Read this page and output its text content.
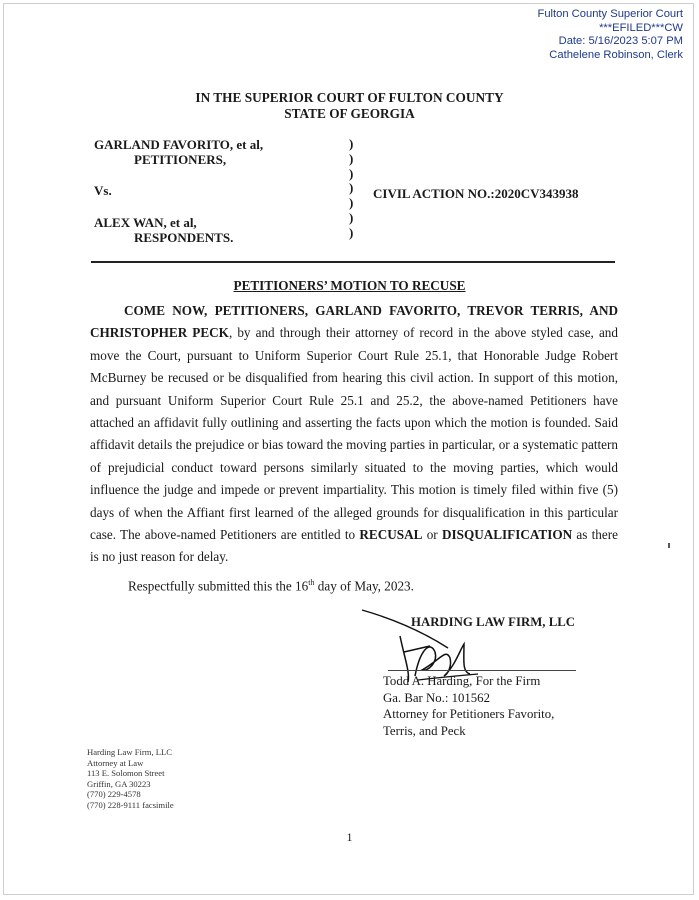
Fulton County Superior Court
***EFILED***CW
Date: 5/16/2023 5:07 PM
Cathelene Robinson, Clerk
IN THE SUPERIOR COURT OF FULTON COUNTY
STATE OF GEORGIA
GARLAND FAVORITO, et al,
PETITIONERS,
Vs.
ALEX WAN, et al,
RESPONDENTS.
)
)
)
)
)
)
)
CIVIL ACTION NO.:2020CV343938
PETITIONERS’ MOTION TO RECUSE

COME NOW, PETITIONERS, GARLAND FAVORITO, TREVOR TERRIS, AND CHRISTOPHER PECK, by and through their attorney of record in the above styled case, and move the Court, pursuant to Uniform Superior Court Rule 25.1, that Honorable Judge Robert McBurney be recused or be disqualified from hearing this civil action. In support of this motion, and pursuant Uniform Superior Court Rule 25.1 and 25.2, the above-named Petitioners have attached an affidavit fully outlining and asserting the facts upon which the motion is founded. Said affidavit details the prejudice or bias toward the moving parties in particular, or a systematic pattern of prejudicial conduct toward persons similarly situated to the moving parties, which would influence the judge and impede or prevent impartiality. This motion is timely filed within five (5) days of when the Affiant first learned of the alleged grounds for disqualification in this particular case. The above-named Petitioners are entitled to RECUSAL or DISQUALIFICATION as there is no just reason for delay.

Respectfully submitted this the 16th day of May, 2023.
HARDING LAW FIRM, LLC
Todd A. Harding, For the Firm
Ga. Bar No.: 101562
Attorney for Petitioners Favorito,
Terris, and Peck
Harding Law Firm, LLC
Attorney at Law
113 E. Solomon Street
Griffin, GA 30223
(770) 229-4578
(770) 228-9111 facsimile
1
